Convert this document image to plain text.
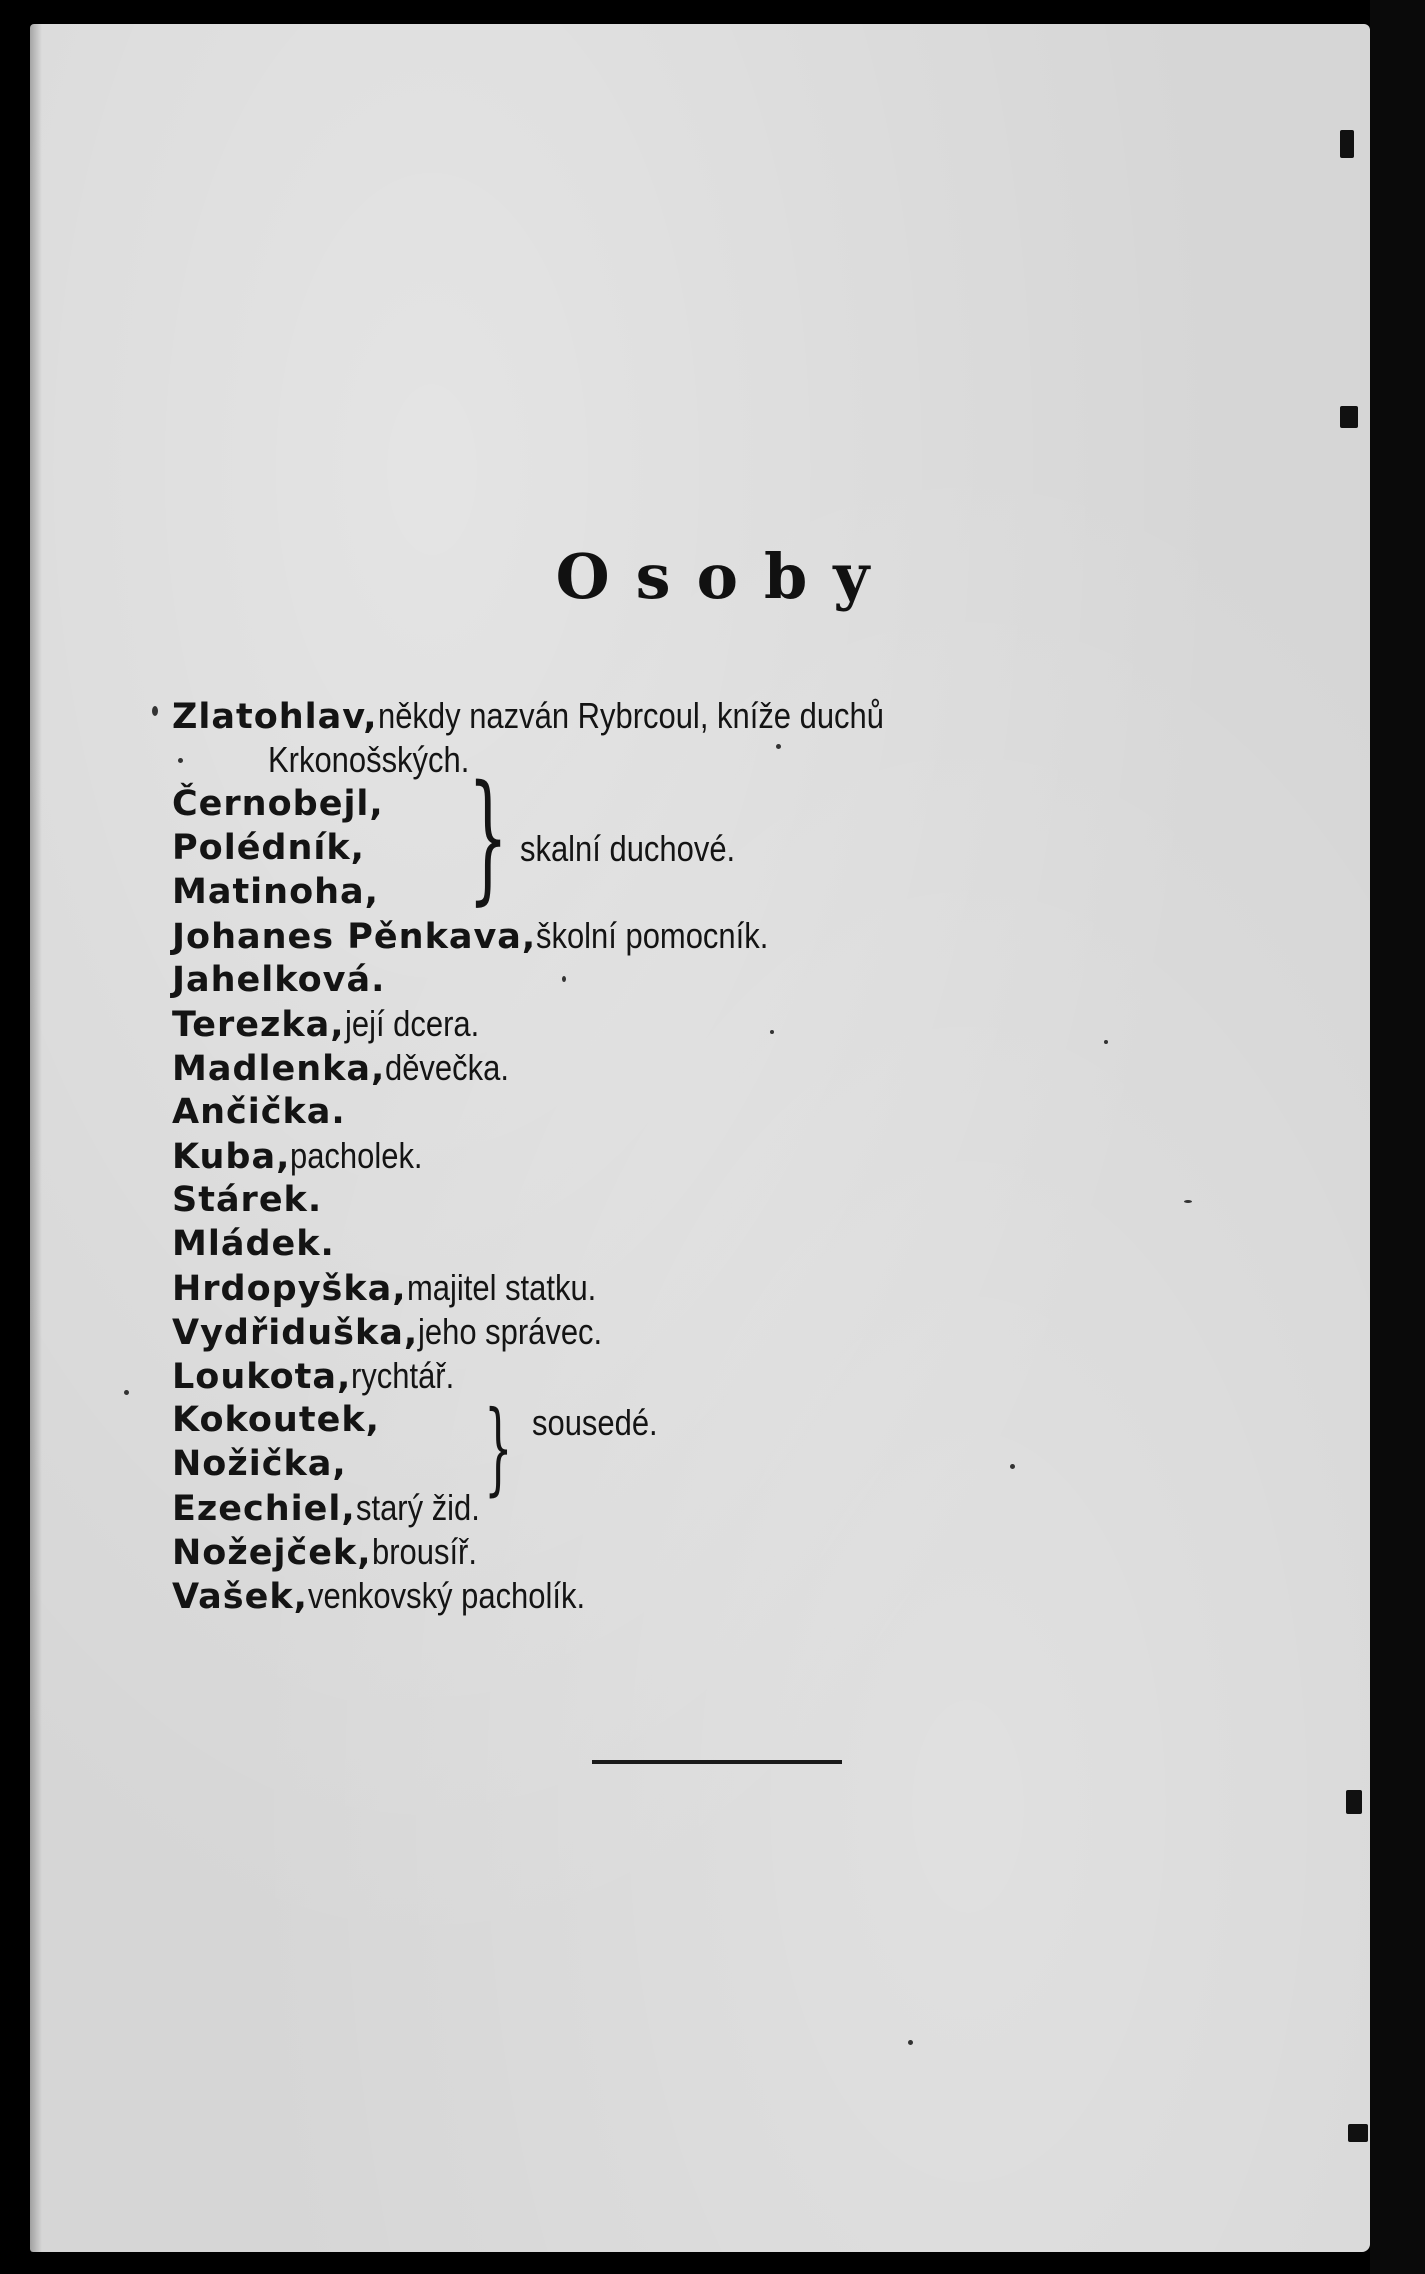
Osoby
Zlatohlav,někdy nazván Rybrcoul, kníže duchů
Krkonošských.
Černobejl,
Polédník,
Matinoha, } skalní duchové.
Johanes Pěnkava,školní pomocník.
Jahelková.
Terezka,její dcera.
Madlenka,děvečka.
Ančička.
Kuba,pacholek.
Stárek.
Mládek.
Hrdopyška,majitel statku.
Vydřiduška,jeho správec.
Loukota,rychtář.
Kokoutek,
Nožička, } sousedé.
Ezechiel,starý žid.
Nožejček,brousíř.
Vašek,venkovský pacholík.
